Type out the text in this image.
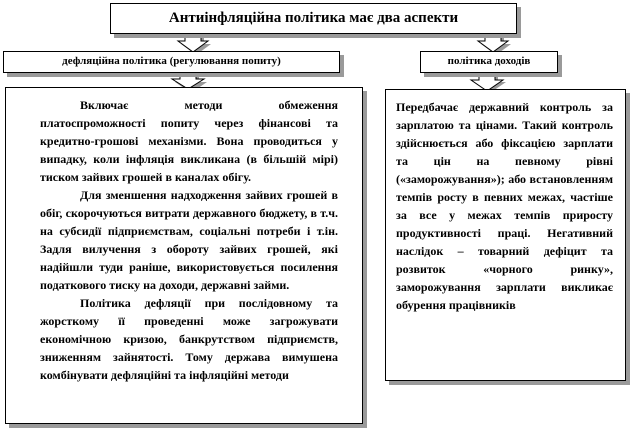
Антиінфляційна політика має два аспекти
дефляційна політика (регулювання попиту)	політика доходів

Включає методи обмеження платоспроможності попиту через фінансові та кредитно-грошові механізми. Вона проводиться у випадку, коли інфляція викликана (в більшій мірі) тиском зайвих грошей в каналах обігу.

Для зменшення надходження зайвих грошей в обіг, скорочуються витрати державного бюджету, в т.ч. на субсидії підприємствам, соціальні потреби і т.ін. Задля вилучення з обороту зайвих грошей, які надійшли туди раніше, використовується посилення податкового тиску на доходи, державні займи.

Політика дефляції при послідовному та жорсткому її проведенні може загрожувати економічною кризою, банкрутством підприємств, зниженням зайнятості. Тому держава вимушена комбінувати дефляційні та інфляційні методи

Передбачає державний контроль за зарплатою та цінами. Такий контроль здійснюється або фіксацією зарплати та цін на певному рівні («заморожування»); або встановленням темпів росту в певних межах, частіше за все у межах темпів приросту продуктивності праці. Негативний наслідок – товарний дефіцит та розвиток «чорного ринку», заморожування зарплати викликає обурення працівників
